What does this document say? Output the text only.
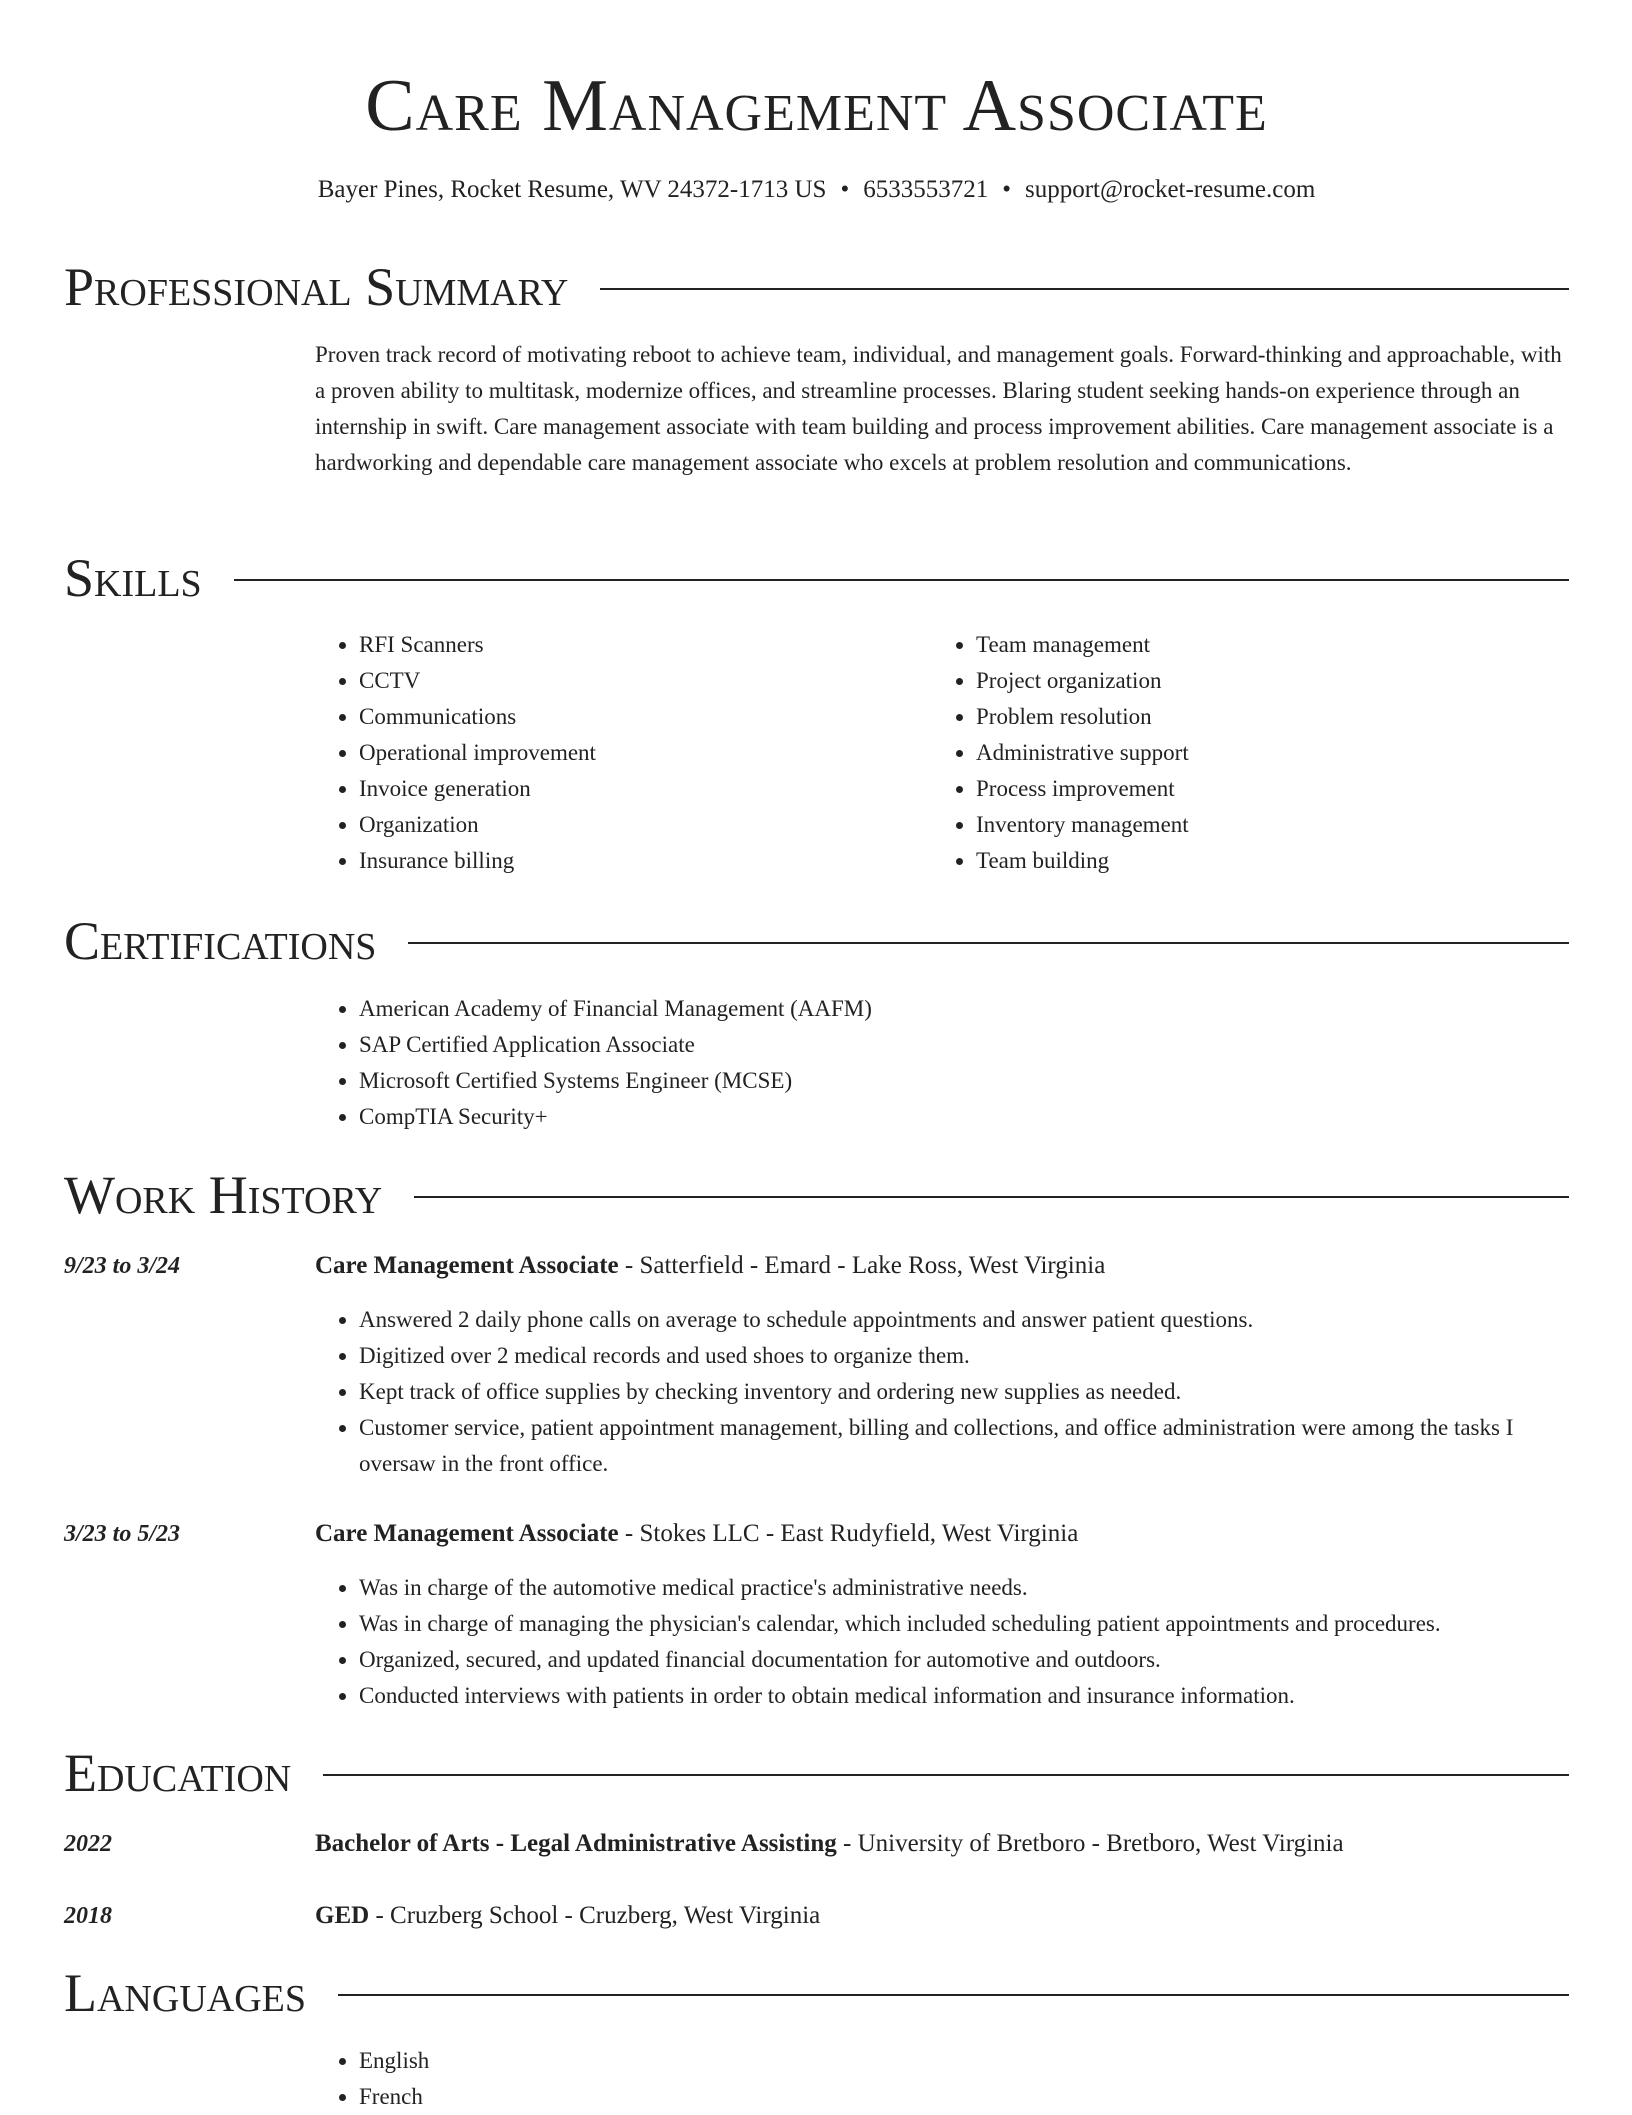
Care Management Associate
Bayer Pines, Rocket Resume, WV 24372-1713 US • 6533553721 • support@rocket-resume.com
Professional Summary

Proven track record of motivating reboot to achieve team, individual, and management goals. Forward-thinking and approachable, with a proven ability to multitask, modernize offices, and streamline processes. Blaring student seeking hands-on experience through an internship in swift. Care management associate with team building and process improvement abilities. Care management associate is a hardworking and dependable care management associate who excels at problem resolution and communications.

Skills
• RFI Scanners
• CCTV
• Communications
• Operational improvement
• Invoice generation
• Organization
• Insurance billing
• Team management
• Project organization
• Problem resolution
• Administrative support
• Process improvement
• Inventory management
• Team building
Certifications
• American Academy of Financial Management (AAFM)
• SAP Certified Application Associate
• Microsoft Certified Systems Engineer (MCSE)
• CompTIA Security+
Work History
9/23 to 3/24	Care Management Associate - Satterfield - Emard - Lake Ross, West Virginia
• Answered 2 daily phone calls on average to schedule appointments and answer patient questions.
• Digitized over 2 medical records and used shoes to organize them.
• Kept track of office supplies by checking inventory and ordering new supplies as needed.
• Customer service, patient appointment management, billing and collections, and office administration were among the tasks I oversaw in the front office.
3/23 to 5/23	Care Management Associate - Stokes LLC - East Rudyfield, West Virginia
• Was in charge of the automotive medical practice's administrative needs.
• Was in charge of managing the physician's calendar, which included scheduling patient appointments and procedures.
• Organized, secured, and updated financial documentation for automotive and outdoors.
• Conducted interviews with patients in order to obtain medical information and insurance information.
Education
2022	Bachelor of Arts - Legal Administrative Assisting - University of Bretboro - Bretboro, West Virginia
2018	GED - Cruzberg School - Cruzberg, West Virginia
Languages
• English
• French
